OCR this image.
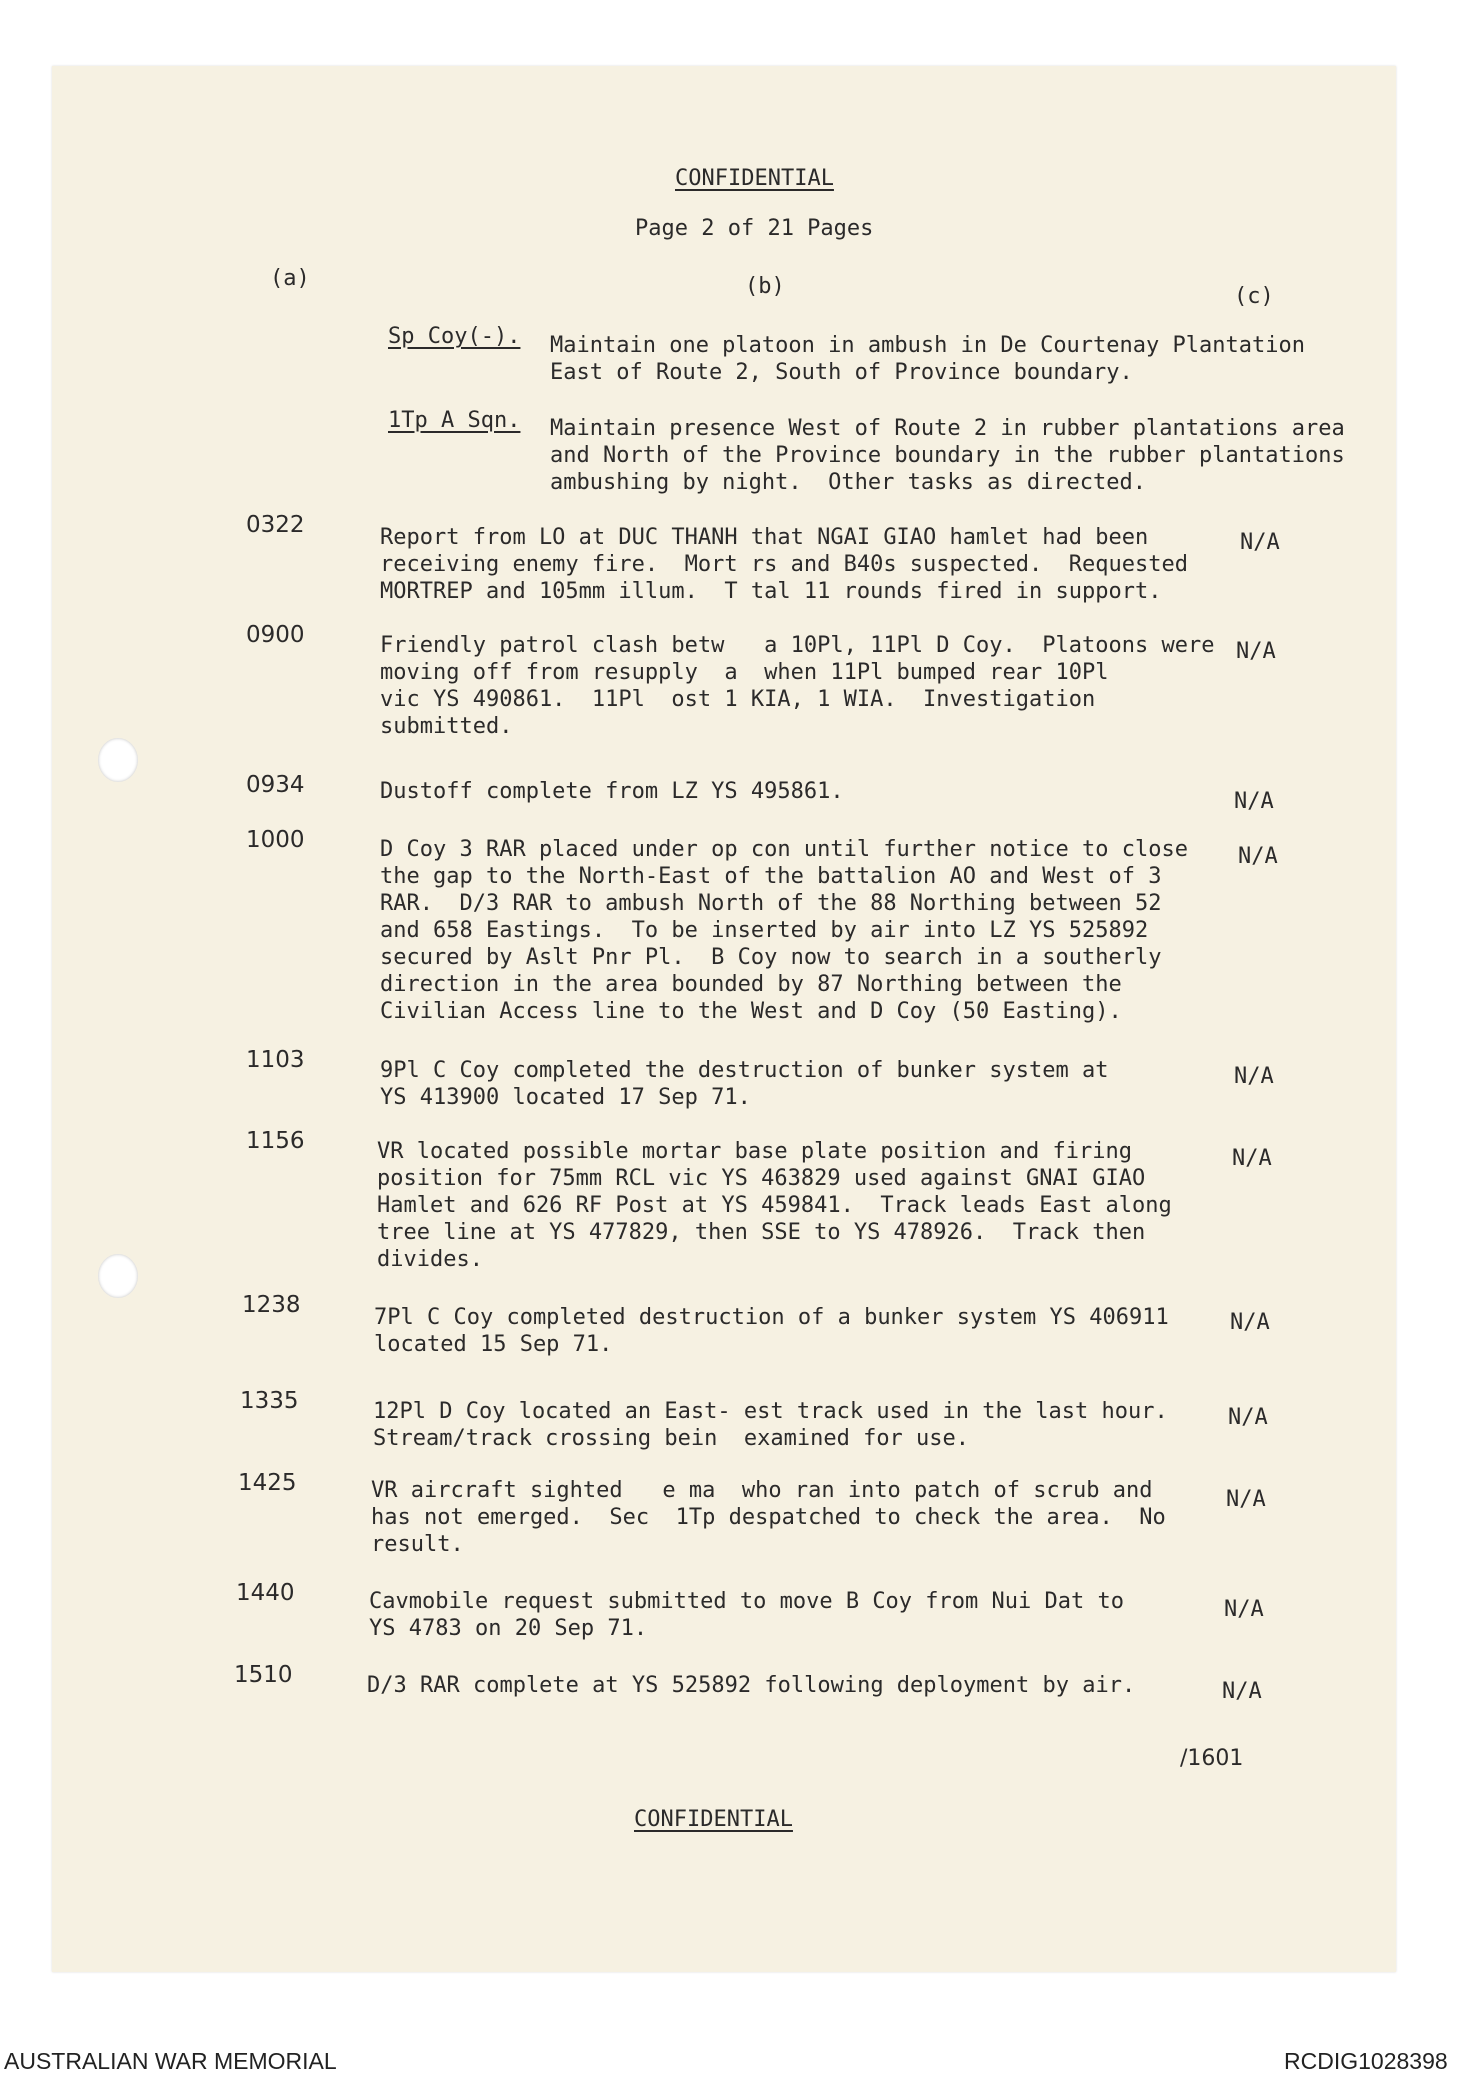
CONFIDENTIAL
Page 2 of 21 Pages
(a)	(b)	(c)
Sp Coy(-). Maintain one platoon in ambush in De Courtenay Plantation
East of Route 2, South of Province boundary.
1Tp A Sqn. Maintain presence West of Route 2 in rubber plantations area
and North of the Province boundary in the rubber plantations
ambushing by night.  Other tasks as directed.
0322	Report from LO at DUC THANH that NGAI GIAO hamlet had been
receiving enemy fire.  Mort rs and B40s suspected.  Requested
MORTREP and 105mm illum.  T tal 11 rounds fired in support.
N/A
0900	Friendly patrol clash betw   a 10Pl, 11Pl D Coy.  Platoons were
moving off from resupply  a  when 11Pl bumped rear 10Pl
vic YS 490861.  11Pl  ost 1 KIA, 1 WIA.  Investigation
submitted.
N/A
0934	Dustoff complete from LZ YS 495861.	N/A
1000	D Coy 3 RAR placed under op con until further notice to close
the gap to the North-East of the battalion AO and West of 3
RAR.  D/3 RAR to ambush North of the 88 Northing between 52
and 658 Eastings.  To be inserted by air into LZ YS 525892
secured by Aslt Pnr Pl.  B Coy now to search in a southerly
direction in the area bounded by 87 Northing between the
Civilian Access line to the West and D Coy (50 Easting).
N/A
1103	9Pl C Coy completed the destruction of bunker system at
YS 413900 located 17 Sep 71.
N/A
1156	VR located possible mortar base plate position and firing
position for 75mm RCL vic YS 463829 used against GNAI GIAO
Hamlet and 626 RF Post at YS 459841.  Track leads East along
tree line at YS 477829, then SSE to YS 478926.  Track then
divides.
N/A
1238	7Pl C Coy completed destruction of a bunker system YS 406911
located 15 Sep 71.
N/A
1335	12Pl D Coy located an East- est track used in the last hour.
Stream/track crossing bein  examined for use.
N/A
1425	VR aircraft sighted   e ma  who ran into patch of scrub and
has not emerged.  Sec  1Tp despatched to check the area.  No
result.
N/A
1440	Cavmobile request submitted to move B Coy from Nui Dat to
YS 4783 on 20 Sep 71.
N/A
1510	D/3 RAR complete at YS 525892 following deployment by air.	N/A
/1601
CONFIDENTIAL
AUSTRALIAN WAR MEMORIAL	RCDIG1028398
